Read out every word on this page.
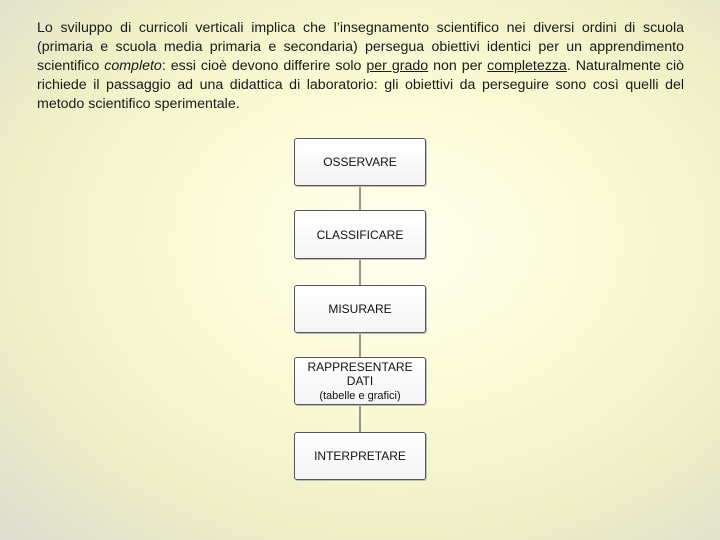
Lo sviluppo di curricoli verticali implica che l’insegnamento scientifico nei diversi ordini di scuola (primaria e scuola media primaria e secondaria) persegua obiettivi identici per un apprendimento scientifico completo: essi cioè devono differire solo per grado non per completezza. Naturalmente ciò richiede il passaggio ad una didattica di laboratorio: gli obiettivi da perseguire sono così quelli del metodo scientifico sperimentale.

OSSERVARE
CLASSIFICARE
MISURARE
RAPPRESENTARE DATI
(tabelle e grafici)
INTERPRETARE
